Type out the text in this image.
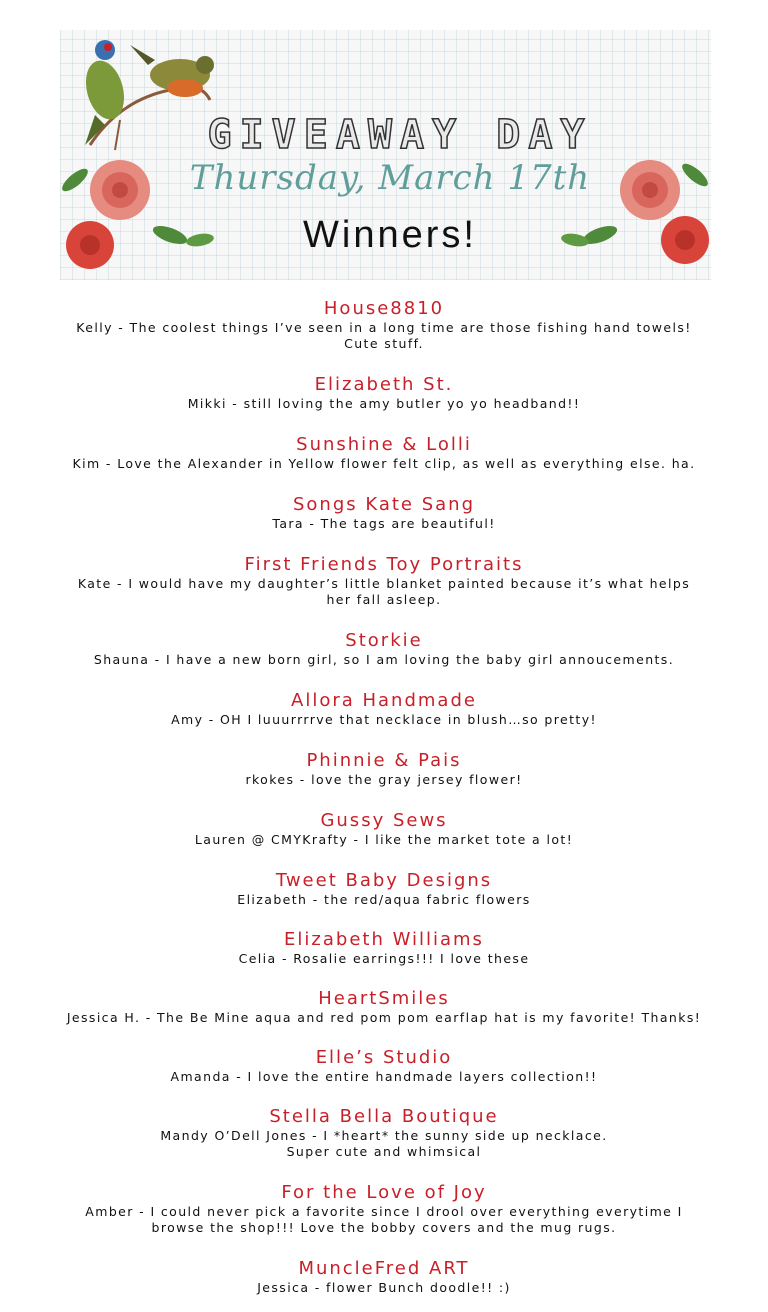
GIVEAWAY DAY
Thursday, March 17th
Winners!
House8810
Kelly - The coolest things I’ve seen in a long time are those fishing hand towels!
Cute stuff.
Elizabeth St.
Mikki - still loving the amy butler yo yo headband!!
Sunshine & Lolli
Kim - Love the Alexander in Yellow flower felt clip, as well as everything else. ha.
Songs Kate Sang
Tara - The tags are beautiful!
First Friends Toy Portraits
Kate - I would have my daughter’s little blanket painted because it’s what helps
her fall asleep.
Storkie
Shauna - I have a new born girl, so I am loving the baby girl annoucements.
Allora Handmade
Amy - OH I luuurrrrve that necklace in blush…so pretty!
Phinnie & Pais
rkokes - love the gray jersey flower!
Gussy Sews
Lauren @ CMYKrafty - I like the market tote a lot!
Tweet Baby Designs
Elizabeth - the red/aqua fabric flowers
Elizabeth Williams
Celia - Rosalie earrings!!! I love these
HeartSmiles
Jessica H. - The Be Mine aqua and red pom pom earflap hat is my favorite! Thanks!
Elle’s Studio
Amanda - I love the entire handmade layers collection!!
Stella Bella Boutique
Mandy O’Dell Jones - I *heart* the sunny side up necklace.
Super cute and whimsical
For the Love of Joy
Amber - I could never pick a favorite since I drool over everything everytime I
browse the shop!!! Love the bobby covers and the mug rugs.
MuncleFred ART
Jessica - flower Bunch doodle!! :)
